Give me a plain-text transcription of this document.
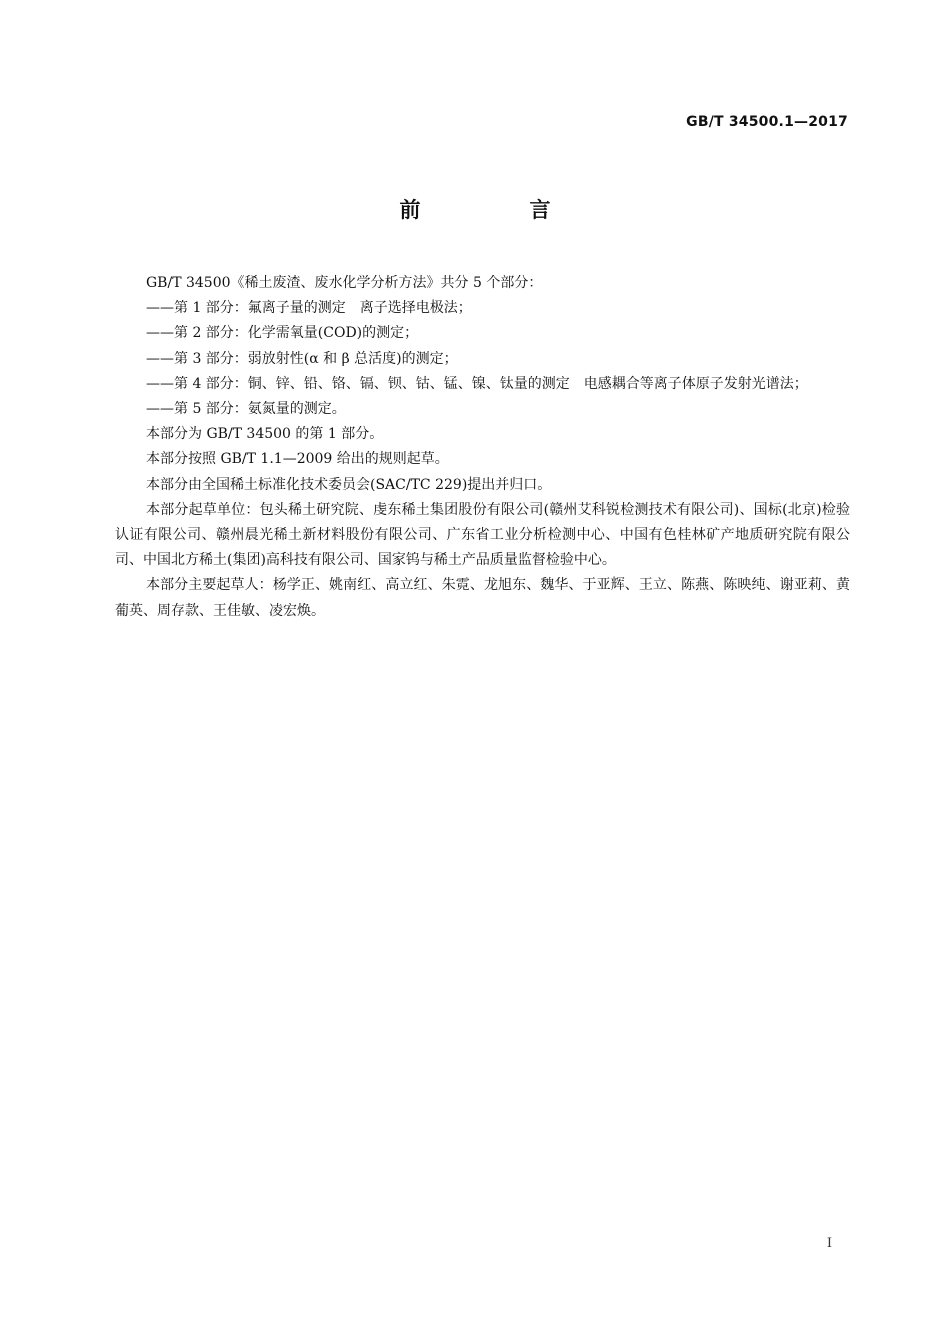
GB/T 34500.1—2017
前　言

GB/T 34500《稀土废渣、废水化学分析方法》共分 5 个部分：

——第 1 部分：氟离子量的测定　离子选择电极法；

——第 2 部分：化学需氧量(COD)的测定；

——第 3 部分：弱放射性(α 和 β 总活度)的测定；

——第 4 部分：铜、锌、铅、铬、镉、钡、钴、锰、镍、钛量的测定　电感耦合等离子体原子发射光谱法；

——第 5 部分：氨氮量的测定。

本部分为 GB/T 34500 的第 1 部分。

本部分按照 GB/T 1.1—2009 给出的规则起草。

本部分由全国稀土标准化技术委员会(SAC/TC 229)提出并归口。

本部分起草单位：包头稀土研究院、虔东稀土集团股份有限公司(赣州艾科锐检测技术有限公司)、国标(北京)检验认证有限公司、赣州晨光稀土新材料股份有限公司、广东省工业分析检测中心、中国有色桂林矿产地质研究院有限公司、中国北方稀土(集团)高科技有限公司、国家钨与稀土产品质量监督检验中心。

本部分主要起草人：杨学正、姚南红、高立红、朱霓、龙旭东、魏华、于亚辉、王立、陈燕、陈映纯、谢亚莉、黄葡英、周存款、王佳敏、凌宏焕。

I
